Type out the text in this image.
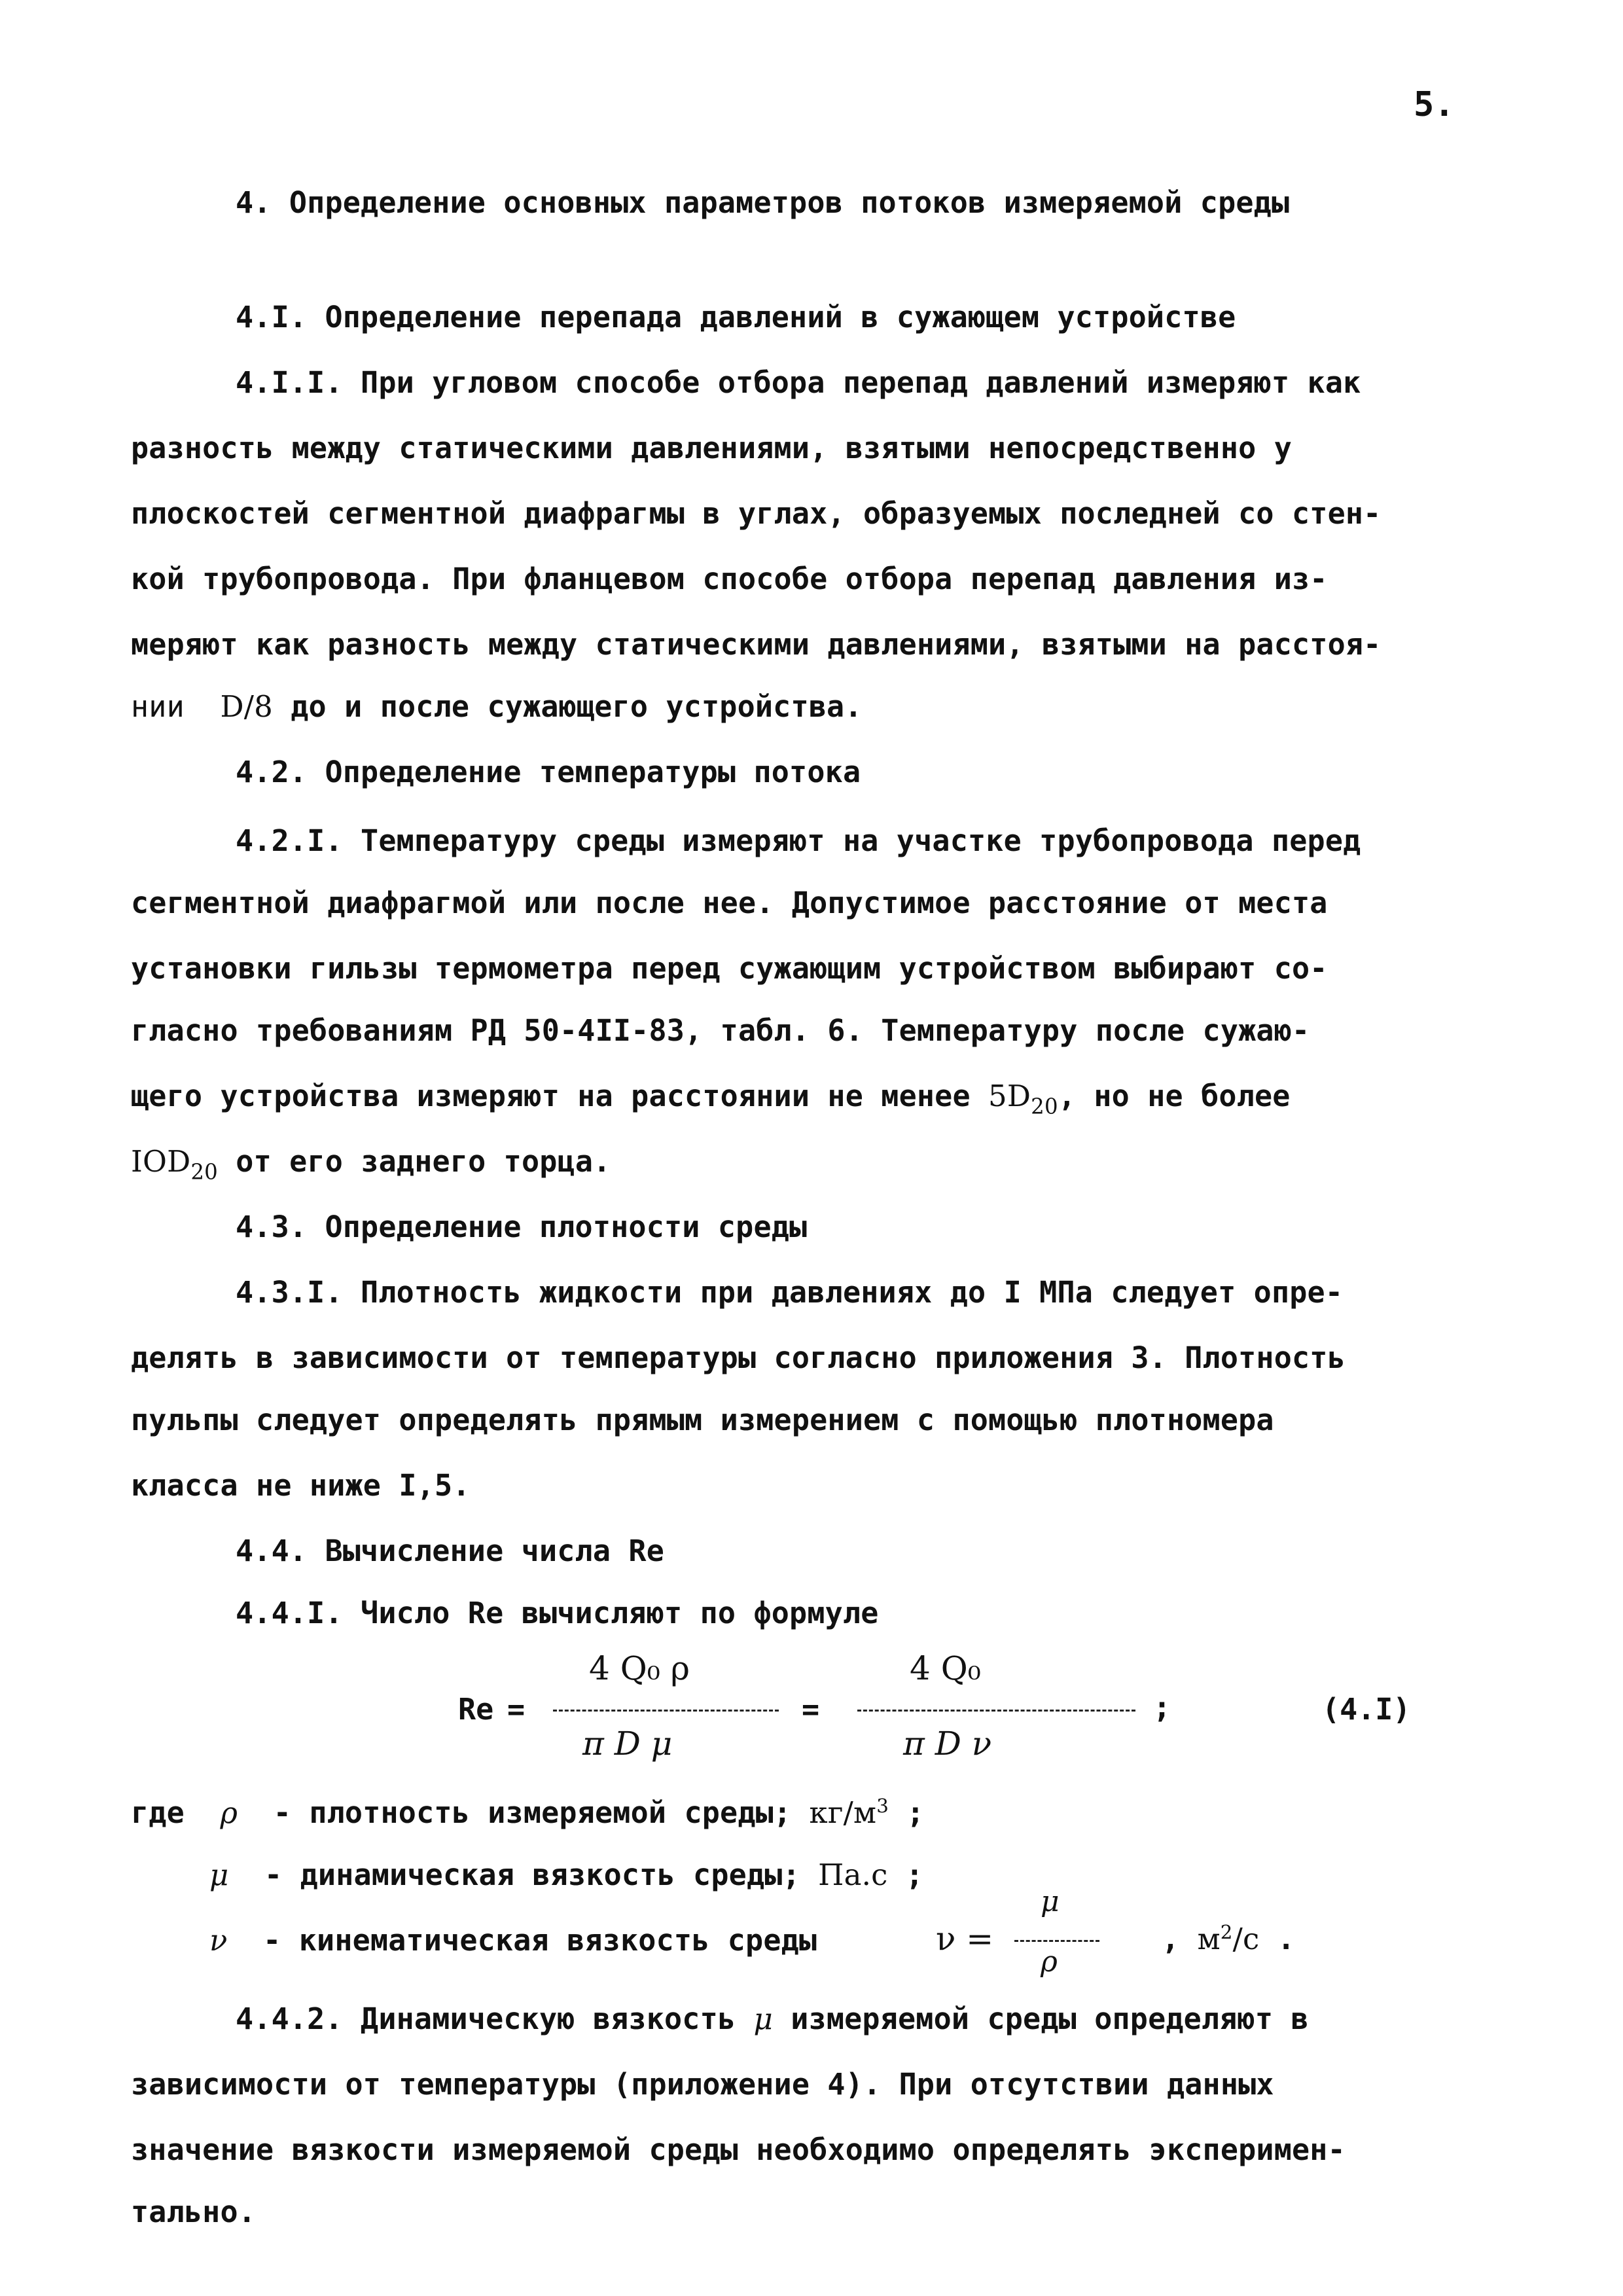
5.
4. Определение основных параметров потоков измеряемой среды
4.I. Определение перепада давлений в сужающем устройстве
4.I.I. При угловом способе отбора перепад давлений измеряют как
разность между статическими давлениями, взятыми непосредственно у
плоскостей сегментной диафрагмы в углах, образуемых последней со стен-
кой трубопровода. При фланцевом способе отбора перепад давления из-
меряют как разность между статическими давлениями, взятыми на расстоя-
нии D/8 до и после сужающего устройства.
4.2. Определение температуры потока
4.2.I. Температуру среды измеряют на участке трубопровода перед
сегментной диафрагмой или после нее. Допустимое расстояние от места
установки гильзы термометра перед сужающим устройством выбирают со-
гласно требованиям РД 50-4II-83, табл. 6. Температуру после сужаю-
щего устройства измеряют на расстоянии не менее $5D_{20}$, но не более
$IOD_{20}$ от его заднего торца.
4.3. Определение плотности среды
4.3.I. Плотность жидкости при давлениях до I МПа следует опре-
делять в зависимости от температуры согласно приложения 3. Плотность
пульпы следует определять прямым измерением с помощью плотномера
класса не ниже I,5.
4.4. Вычисление числа Re
4.4.I. Число Re вычисляют по формуле
Re =
4 Q₀ ρ
π D μ
=
4 Q₀
π D ν
;	(4.I)
где ρ - плотность измеряемой среды; $кг/м^3$ ;
μ - динамическая вязкость среды; Па.с ;
ν - кинематическая вязкость среды	ν =
μ
ρ
, $м^2/с$ .
4.4.2. Динамическую вязкость μ измеряемой среды определяют в
зависимости от температуры (приложение 4). При отсутствии данных
значение вязкости измеряемой среды необходимо определять эксперимен-
тально.
